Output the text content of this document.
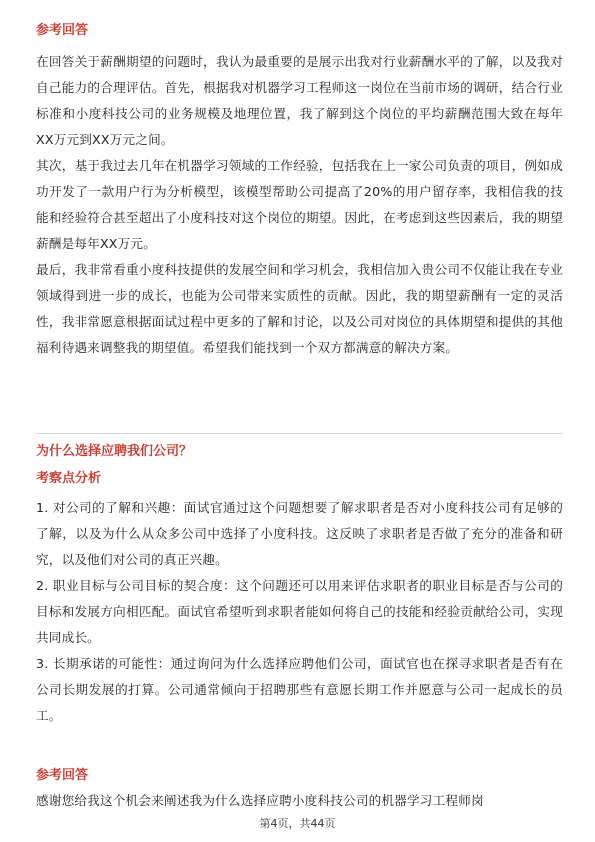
参考回答

在回答关于薪酬期望的问题时，我认为最重要的是展示出我对行业薪酬水平的了解，以及我对自己能力的合理评估。首先，根据我对机器学习工程师这一岗位在当前市场的调研，结合行业标准和小度科技公司的业务规模及地理位置，我了解到这个岗位的平均薪酬范围大致在每年XX万元到XX万元之间。

其次，基于我过去几年在机器学习领域的工作经验，包括我在上一家公司负责的项目，例如成功开发了一款用户行为分析模型，该模型帮助公司提高了20%的用户留存率，我相信我的技能和经验符合甚至超出了小度科技对这个岗位的期望。因此，在考虑到这些因素后，我的期望薪酬是每年XX万元。

最后，我非常看重小度科技提供的发展空间和学习机会，我相信加入贵公司不仅能让我在专业领域得到进一步的成长，也能为公司带来实质性的贡献。因此，我的期望薪酬有一定的灵活性，我非常愿意根据面试过程中更多的了解和讨论，以及公司对岗位的具体期望和提供的其他福利待遇来调整我的期望值。希望我们能找到一个双方都满意的解决方案。

为什么选择应聘我们公司？
考察点分析

1. 对公司的了解和兴趣：面试官通过这个问题想要了解求职者是否对小度科技公司有足够的了解，以及为什么从众多公司中选择了小度科技。这反映了求职者是否做了充分的准备和研究，以及他们对公司的真正兴趣。

2. 职业目标与公司目标的契合度：这个问题还可以用来评估求职者的职业目标是否与公司的目标和发展方向相匹配。面试官希望听到求职者能如何将自己的技能和经验贡献给公司，实现共同成长。

3. 长期承诺的可能性：通过询问为什么选择应聘他们公司，面试官也在探寻求职者是否有在公司长期发展的打算。公司通常倾向于招聘那些有意愿长期工作并愿意与公司一起成长的员工。

参考回答

感谢您给我这个机会来阐述我为什么选择应聘小度科技公司的机器学习工程师岗

第4页，共44页
